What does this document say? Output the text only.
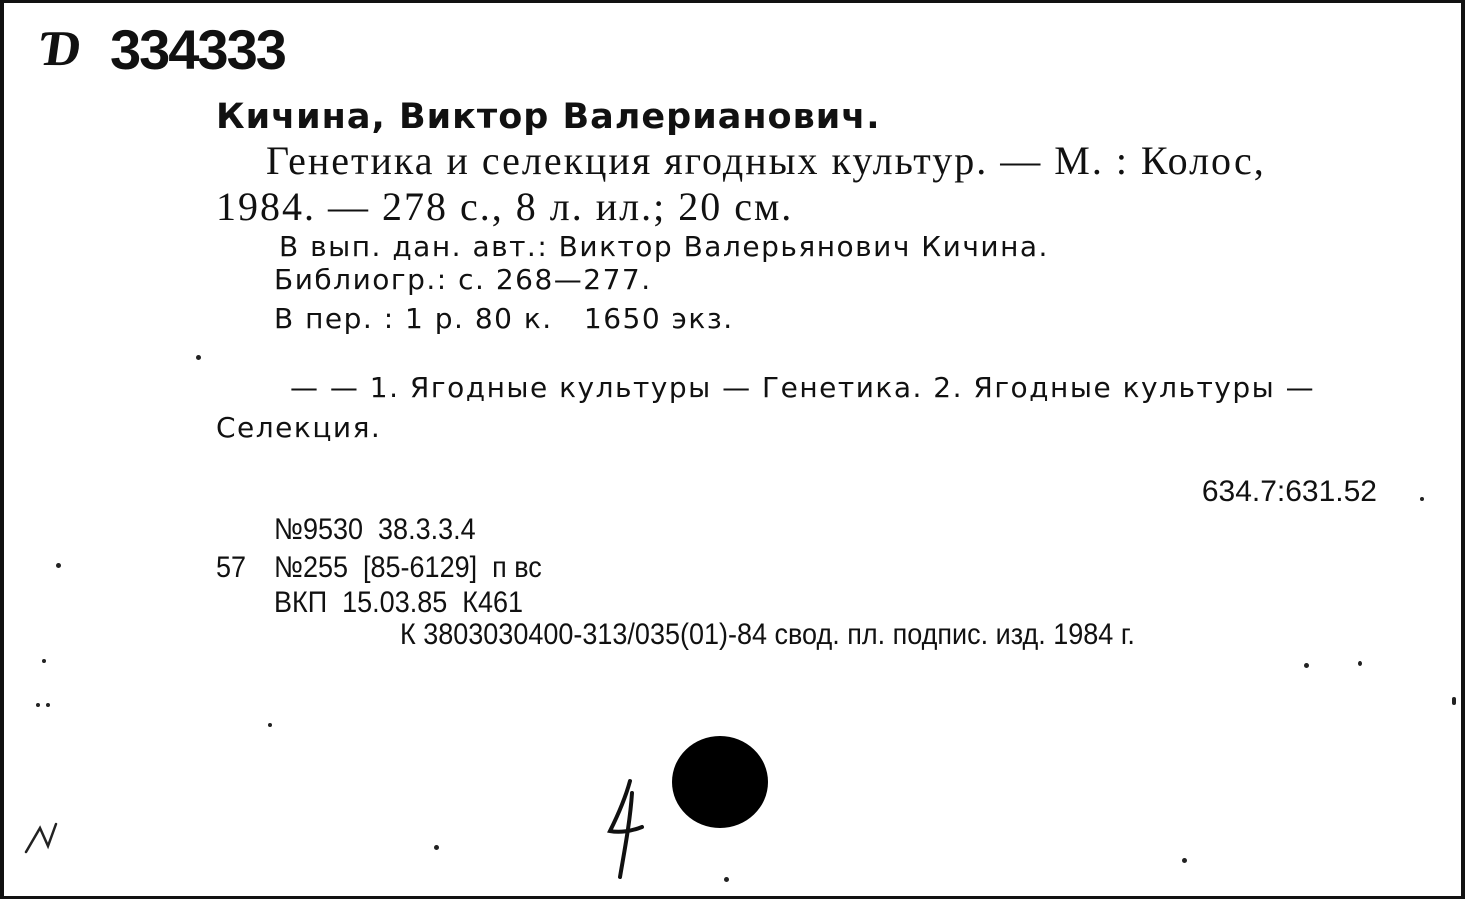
Ɗ 334333
Кичина, Виктор Валерианович.
Генетика и селекция ягодных культур. — М. : Колос,
1984. — 278 с., 8 л. ил.; 20 см.
В вып. дан. авт.: Виктор Валерьянович Кичина.
Библиогр.: с. 268—277.
В пер. : 1 р. 80 к.   1650 экз.
— — 1. Ягодные культуры — Генетика. 2. Ягодные культуры —
Селекция.
634.7:631.52
№9530  38.3.3.4
57 №255  [85-6129]  п вс
ВКП  15.03.85  К461
К 3803030400-313/035(01)-84 свод. пл. подпис. изд. 1984 г.
